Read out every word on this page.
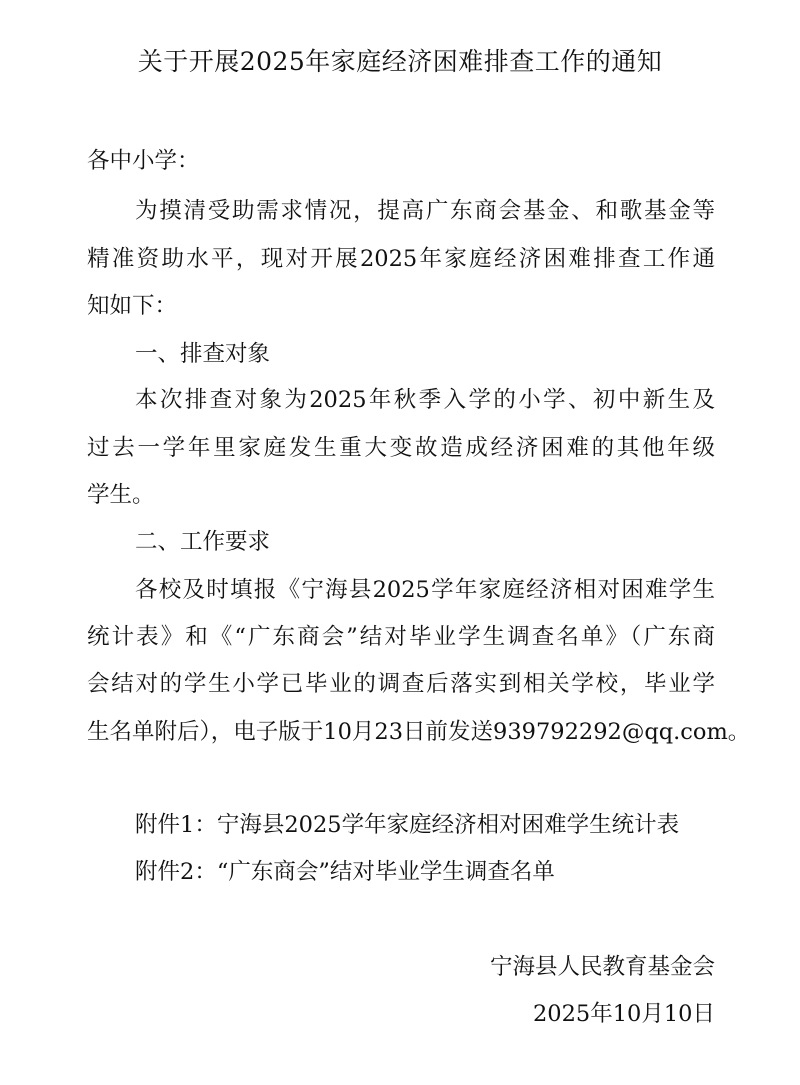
关于开展2025年家庭经济困难排查工作的通知
各中小学：
为摸清受助需求情况，提高广东商会基金、和歌基金等
精准资助水平，现对开展2025年家庭经济困难排查工作通
知如下：
一、排查对象
本次排查对象为2025年秋季入学的小学、初中新生及
过去一学年里家庭发生重大变故造成经济困难的其他年级
学生。
二、工作要求
各校及时填报《宁海县2025学年家庭经济相对困难学生
统计表》和《“广东商会”结对毕业学生调查名单》（广东商
会结对的学生小学已毕业的调查后落实到相关学校，毕业学
生名单附后），电子版于10月23日前发送939792292@qq.com。
附件1：宁海县2025学年家庭经济相对困难学生统计表
附件2：“广东商会”结对毕业学生调查名单
宁海县人民教育基金会
2025年10月10日
